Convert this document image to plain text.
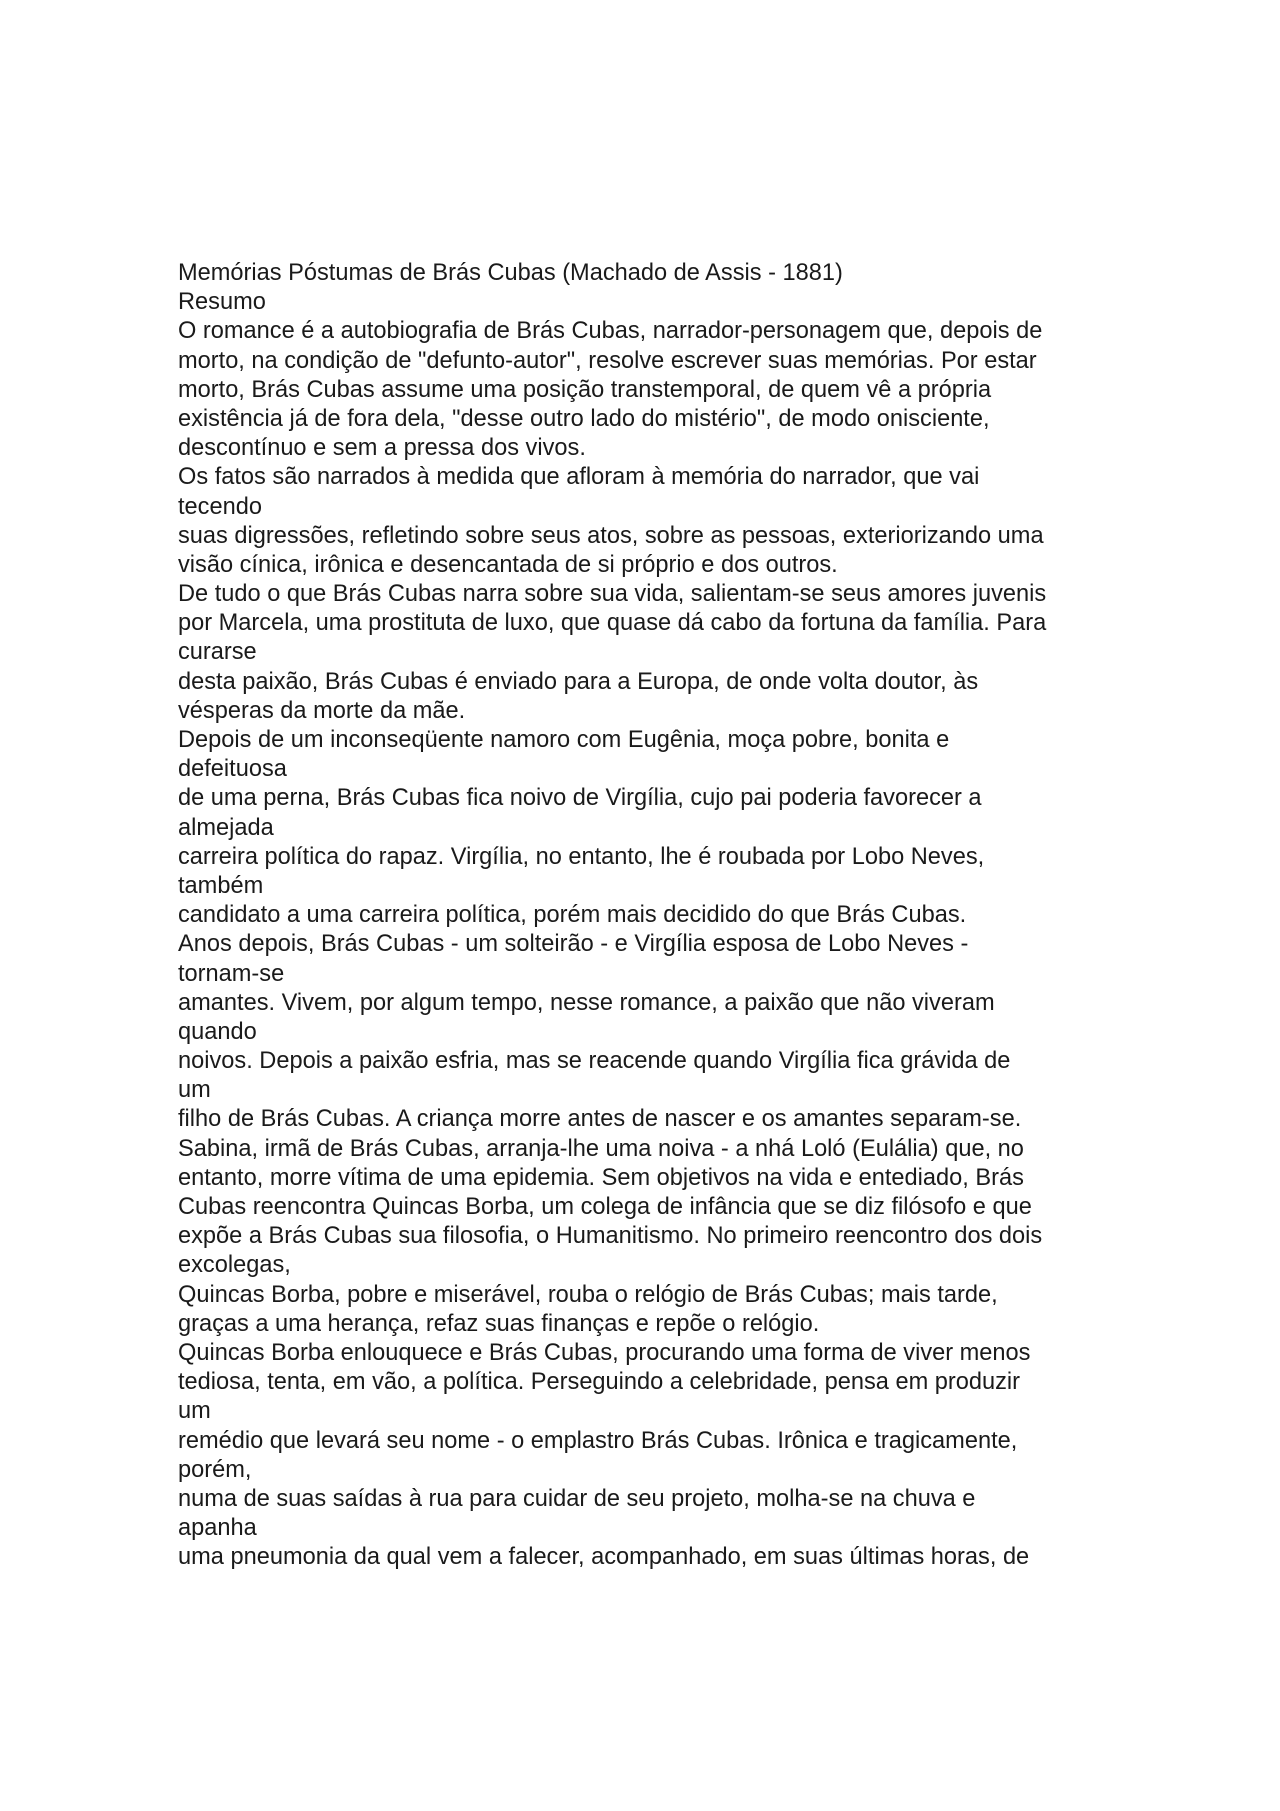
Memórias Póstumas de Brás Cubas (Machado de Assis - 1881)
Resumo
O romance é a autobiografia de Brás Cubas, narrador-personagem que, depois de
morto, na condição de "defunto-autor", resolve escrever suas memórias. Por estar
morto, Brás Cubas assume uma posição transtemporal, de quem vê a própria
existência já de fora dela, "desse outro lado do mistério", de modo onisciente,
descontínuo e sem a pressa dos vivos.
Os fatos são narrados à medida que afloram à memória do narrador, que vai
tecendo
suas digressões, refletindo sobre seus atos, sobre as pessoas, exteriorizando uma
visão cínica, irônica e desencantada de si próprio e dos outros.
De tudo o que Brás Cubas narra sobre sua vida, salientam-se seus amores juvenis
por Marcela, uma prostituta de luxo, que quase dá cabo da fortuna da família. Para
curarse
desta paixão, Brás Cubas é enviado para a Europa, de onde volta doutor, às
vésperas da morte da mãe.
Depois de um inconseqüente namoro com Eugênia, moça pobre, bonita e
defeituosa
de uma perna, Brás Cubas fica noivo de Virgília, cujo pai poderia favorecer a
almejada
carreira política do rapaz. Virgília, no entanto, lhe é roubada por Lobo Neves,
também
candidato a uma carreira política, porém mais decidido do que Brás Cubas.
Anos depois, Brás Cubas - um solteirão - e Virgília esposa de Lobo Neves -
tornam-se
amantes. Vivem, por algum tempo, nesse romance, a paixão que não viveram
quando
noivos. Depois a paixão esfria, mas se reacende quando Virgília fica grávida de
um
filho de Brás Cubas. A criança morre antes de nascer e os amantes separam-se.
Sabina, irmã de Brás Cubas, arranja-lhe uma noiva - a nhá Loló (Eulália) que, no
entanto, morre vítima de uma epidemia. Sem objetivos na vida e entediado, Brás
Cubas reencontra Quincas Borba, um colega de infância que se diz filósofo e que
expõe a Brás Cubas sua filosofia, o Humanitismo. No primeiro reencontro dos dois
excolegas,
Quincas Borba, pobre e miserável, rouba o relógio de Brás Cubas; mais tarde,
graças a uma herança, refaz suas finanças e repõe o relógio.
Quincas Borba enlouquece e Brás Cubas, procurando uma forma de viver menos
tediosa, tenta, em vão, a política. Perseguindo a celebridade, pensa em produzir
um
remédio que levará seu nome - o emplastro Brás Cubas. Irônica e tragicamente,
porém,
numa de suas saídas à rua para cuidar de seu projeto, molha-se na chuva e
apanha
uma pneumonia da qual vem a falecer, acompanhado, em suas últimas horas, de
